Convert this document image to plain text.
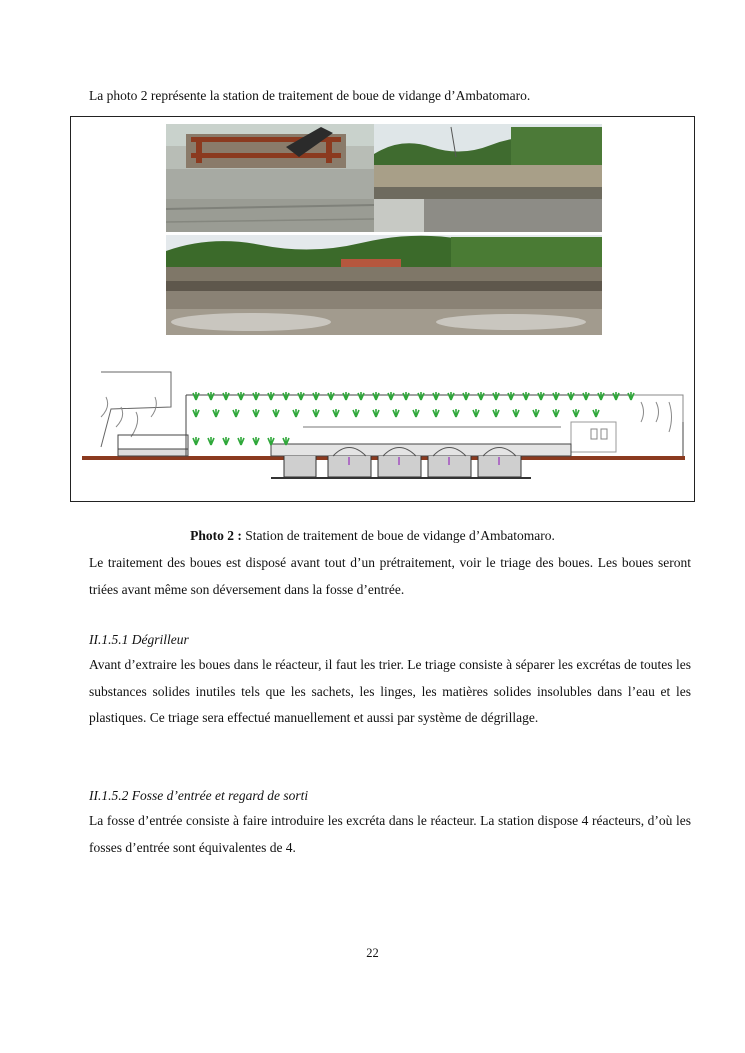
La photo 2 représente la station de traitement de boue de vidange d’Ambatomaro.
Photo 2 : Station de traitement de boue de vidange d’Ambatomaro.

Le traitement des boues est disposé avant tout d’un prétraitement, voir le triage des boues. Les boues seront triées avant même son déversement dans la fosse d’entrée.

II.1.5.1 Dégrilleur

Avant d’extraire les boues dans le réacteur, il faut les trier. Le triage consiste à séparer les excrétas de toutes les substances solides inutiles tels que les sachets, les linges, les matières solides insolubles dans l’eau et les plastiques. Ce triage sera effectué manuellement et aussi par système de dégrillage.

II.1.5.2 Fosse d’entrée et regard de sorti

La fosse d’entrée consiste à faire introduire les excréta dans le réacteur. La station dispose 4 réacteurs, d’où les fosses d’entrée sont équivalentes de 4.

22
